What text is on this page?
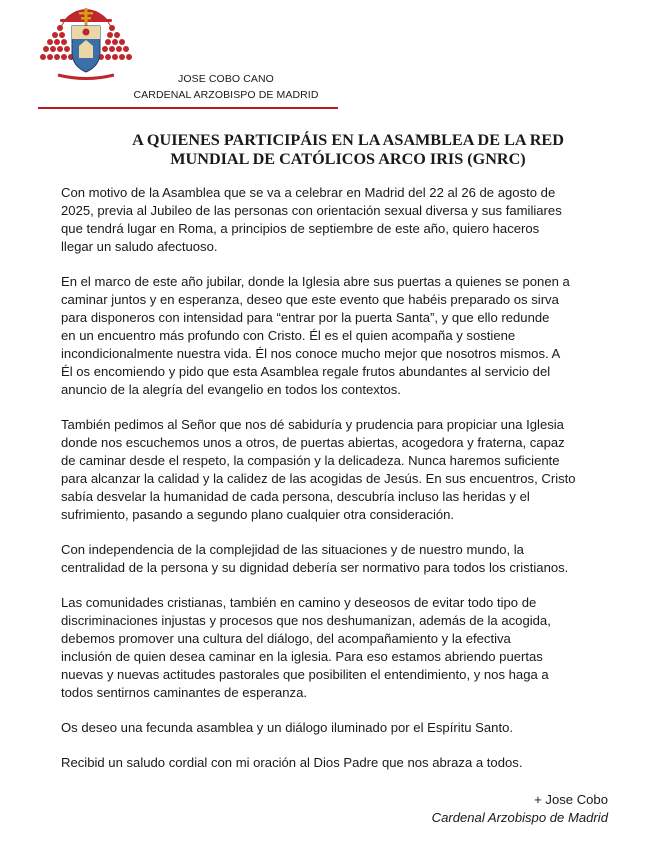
JOSE COBO CANO
CARDENAL ARZOBISPO DE MADRID
A QUIENES PARTICIPÁIS EN LA ASAMBLEA DE LA RED
MUNDIAL DE CATÓLICOS ARCO IRIS (GNRC)
Con motivo de la Asamblea que se va a celebrar en Madrid del 22 al 26 de agosto de
2025, previa al Jubileo de las personas con orientación sexual diversa y sus familiares
que tendrá lugar en Roma, a principios de septiembre de este año, quiero haceros
llegar un saludo afectuoso.
En el marco de este año jubilar, donde la Iglesia abre sus puertas a quienes se ponen a
caminar juntos y en esperanza, deseo que este evento que habéis preparado os sirva
para disponeros con intensidad para “entrar por la puerta Santa”, y que ello redunde
en un encuentro más profundo con Cristo. Él es el quien acompaña y sostiene
incondicionalmente nuestra vida. Él nos conoce mucho mejor que nosotros mismos. A
Él os encomiendo y pido que esta Asamblea regale frutos abundantes al servicio del
anuncio de la alegría del evangelio en todos los contextos.
También pedimos al Señor que nos dé sabiduría y prudencia para propiciar una Iglesia
donde nos escuchemos unos a otros, de puertas abiertas, acogedora y fraterna, capaz
de caminar desde el respeto, la compasión y la delicadeza. Nunca haremos suficiente
para alcanzar la calidad y la calidez de las acogidas de Jesús. En sus encuentros, Cristo
sabía desvelar la humanidad de cada persona, descubría incluso las heridas y el
sufrimiento, pasando a segundo plano cualquier otra consideración.
Con independencia de la complejidad de las situaciones y de nuestro mundo, la
centralidad de la persona y su dignidad debería ser normativo para todos los cristianos.
Las comunidades cristianas, también en camino y deseosos de evitar todo tipo de
discriminaciones injustas y procesos que nos deshumanizan, además de la acogida,
debemos promover una cultura del diálogo, del acompañamiento y la efectiva
inclusión de quien desea caminar en la iglesia. Para eso estamos abriendo puertas
nuevas y nuevas actitudes pastorales que posibiliten el entendimiento, y nos haga a
todos sentirnos caminantes de esperanza.
Os deseo una fecunda asamblea y un diálogo iluminado por el Espíritu Santo.
Recibid un saludo cordial con mi oración al Dios Padre que nos abraza a todos.
+ Jose Cobo
Cardenal Arzobispo de Madrid
